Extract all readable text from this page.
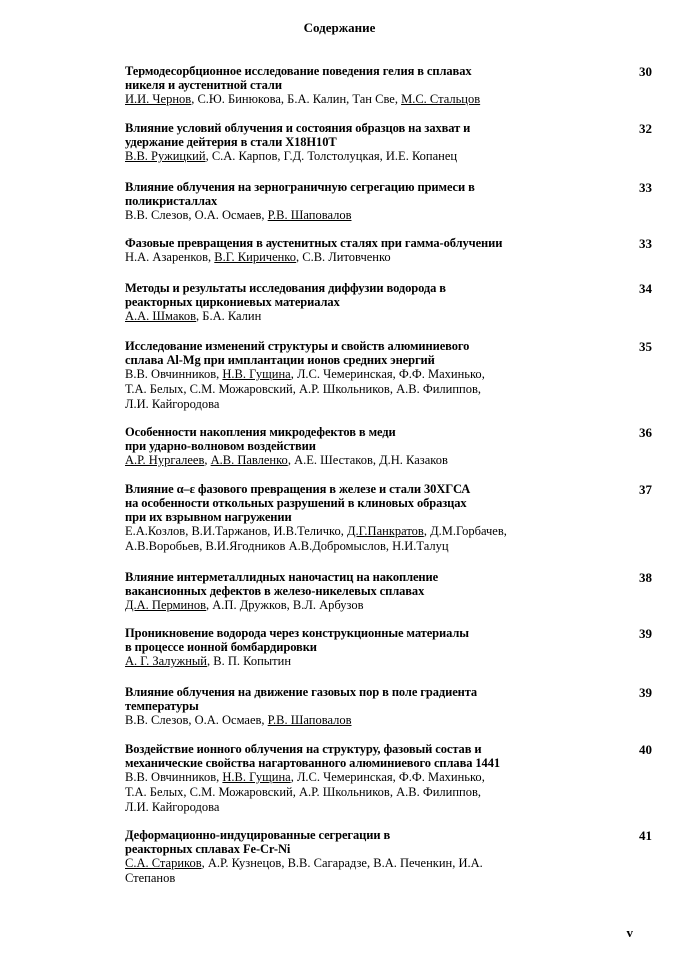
Содержание
Термодесорбционное исследование поведения гелия в сплавах
никеля и аустенитной стали
30
И.И. Чернов, С.Ю. Бинюкова, Б.А. Калин, Тан Све, М.С. Стальцов
Влияние условий облучения и состояния образцов на захват и
удержание дейтерия в стали Х18Н10Т
32
В.В. Ружицкий, С.А. Карпов, Г.Д. Толстолуцкая, И.Е. Копанец
Влияние облучения на зернограничную сегрегацию примеси в
поликристаллах
33
В.В. Слезов, О.А. Осмаев, Р.В. Шаповалов
Фазовые превращения в аустенитных сталях при гамма-облучении	33
Н.А. Азаренков, В.Г. Кириченко, С.В. Литовченко
Методы и результаты исследования диффузии водорода в
реакторных циркониевых материалах
34
А.А. Шмаков, Б.А. Калин
Исследование изменений структуры и свойств алюминиевого
сплава Al-Mg при имплантации ионов средних энергий
35
В.В. Овчинников, Н.В. Гущина, Л.С. Чемеринская, Ф.Ф. Махинько,
Т.А. Белых, С.М. Можаровский, А.Р. Школьников, А.В. Филиппов,
Л.И. Кайгородова
Особенности накопления микродефектов в меди
при ударно-волновом воздействии
36
А.Р. Нургалеев, А.В. Павленко, А.Е. Шестаков, Д.Н. Казаков
Влияние α–ε фазового превращения в железе и стали 30ХГСА
на особенности откольных разрушений в клиновых образцах
при их взрывном нагружении
37
Е.А.Козлов, В.И.Таржанов, И.В.Теличко, Д.Г.Панкратов, Д.М.Горбачев,
А.В.Воробьев, В.И.Ягодников А.В.Добромыслов, Н.И.Талуц
Влияние интерметаллидных наночастиц на накопление
вакансионных дефектов в железо-никелевых сплавах
38
Д.А. Перминов, А.П. Дружков, В.Л. Арбузов
Проникновение водорода через конструкционные материалы
в процессе ионной бомбардировки
39
А. Г. Залужный, В. П. Копытин
Влияние облучения на движение газовых пор в поле градиента
температуры
39
В.В. Слезов, О.А. Осмаев, Р.В. Шаповалов
Воздействие ионного облучения на структуру, фазовый состав и
механические свойства нагартованного алюминиевого сплава 1441
40
В.В. Овчинников, Н.В. Гущина, Л.С. Чемеринская, Ф.Ф. Махинько,
Т.А. Белых, С.М. Можаровский, А.Р. Школьников, А.В. Филиппов,
Л.И. Кайгородова
Деформационно-индуцированные сегрегации в
реакторных сплавах Fe-Cr-Ni
41
С.А. Стариков, А.Р. Кузнецов, В.В. Сагарадзе, В.А. Печенкин, И.А.
Степанов
v
